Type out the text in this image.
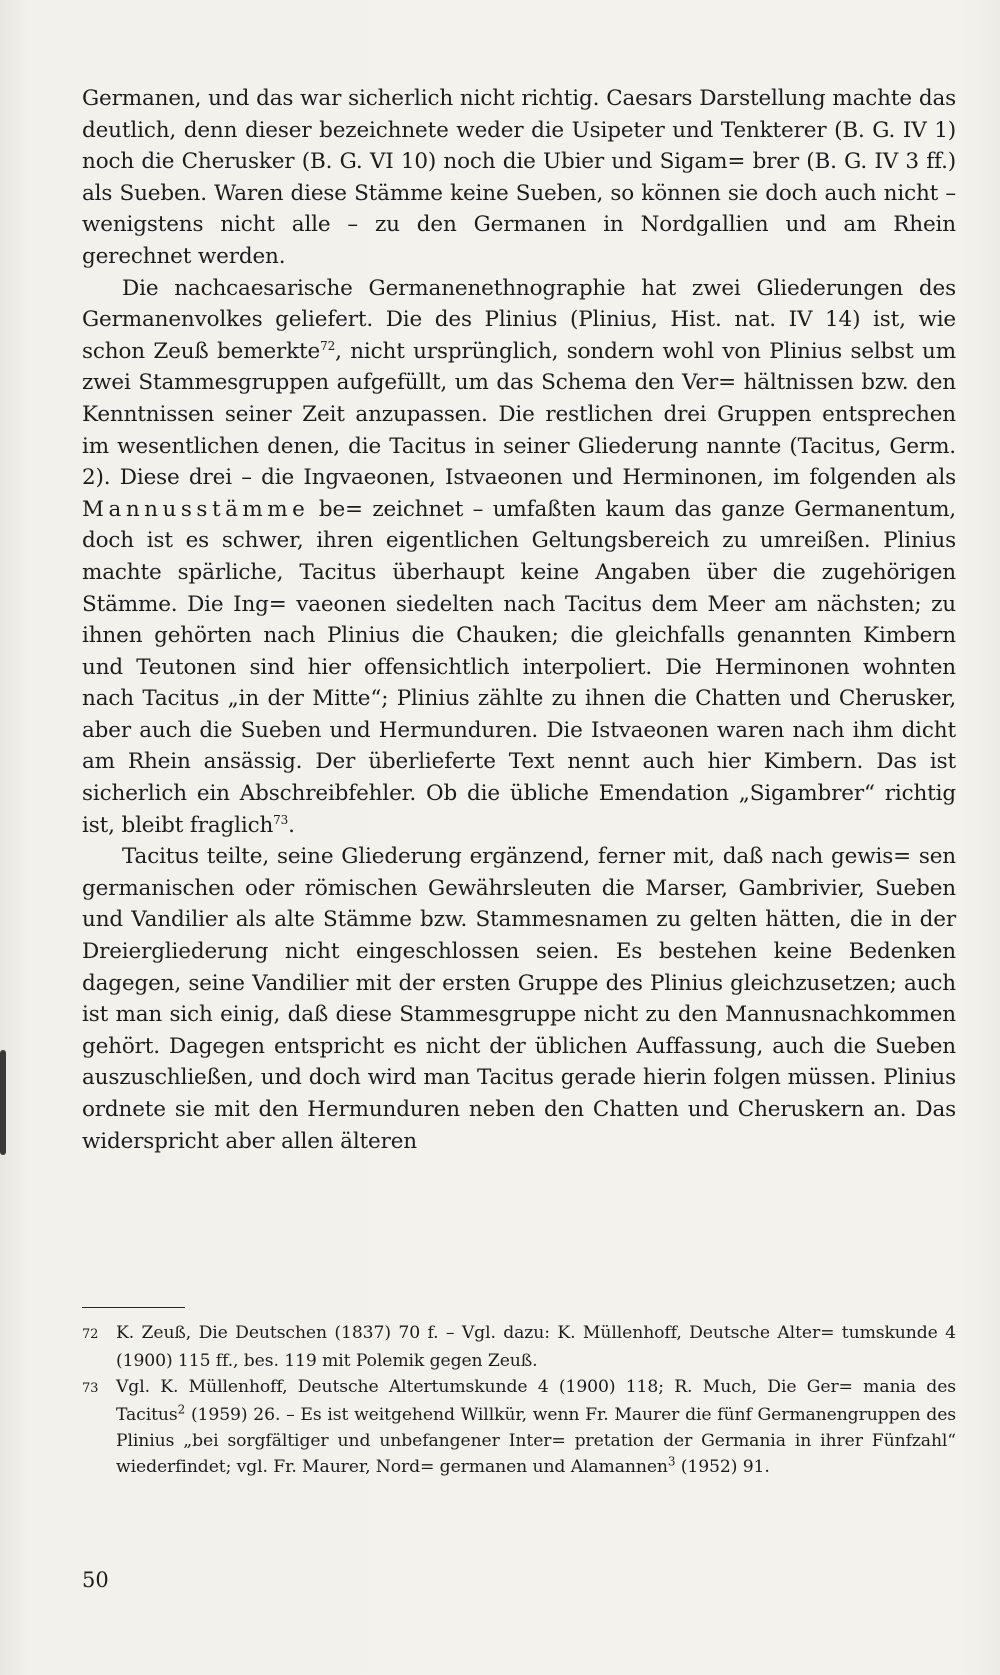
Germanen, und das war sicherlich nicht richtig. Caesars Darstellung machte das deutlich, denn dieser bezeichnete weder die Usipeter und Tenkterer (B. G. IV 1) noch die Cherusker (B. G. VI 10) noch die Ubier und Sigam= brer (B. G. IV 3 ff.) als Sueben. Waren diese Stämme keine Sueben, so können sie doch auch nicht – wenigstens nicht alle – zu den Germanen in Nordgallien und am Rhein gerechnet werden.

Die nachcaesarische Germanenethnographie hat zwei Gliederungen des Germanenvolkes geliefert. Die des Plinius (Plinius, Hist. nat. IV 14) ist, wie schon Zeuß bemerkte$^{72}$, nicht ursprünglich, sondern wohl von Plinius selbst um zwei Stammesgruppen aufgefüllt, um das Schema den Ver= hältnissen bzw. den Kenntnissen seiner Zeit anzupassen. Die restlichen drei Gruppen entsprechen im wesentlichen denen, die Tacitus in seiner Gliederung nannte (Tacitus, Germ. 2). Diese drei – die Ingvaeonen, Istvaeonen und Herminonen, im folgenden als Mannusstämme be= zeichnet – umfaßten kaum das ganze Germanentum, doch ist es schwer, ihren eigentlichen Geltungsbereich zu umreißen. Plinius machte spärliche, Tacitus überhaupt keine Angaben über die zugehörigen Stämme. Die Ing= vaeonen siedelten nach Tacitus dem Meer am nächsten; zu ihnen gehörten nach Plinius die Chauken; die gleichfalls genannten Kimbern und Teutonen sind hier offensichtlich interpoliert. Die Herminonen wohnten nach Tacitus „in der Mitte“; Plinius zählte zu ihnen die Chatten und Cherusker, aber auch die Sueben und Hermunduren. Die Istvaeonen waren nach ihm dicht am Rhein ansässig. Der überlieferte Text nennt auch hier Kimbern. Das ist sicherlich ein Abschreibfehler. Ob die übliche Emendation „Sigambrer“ richtig ist, bleibt fraglich$^{73}$.

Tacitus teilte, seine Gliederung ergänzend, ferner mit, daß nach gewis= sen germanischen oder römischen Gewährsleuten die Marser, Gambrivier, Sueben und Vandilier als alte Stämme bzw. Stammesnamen zu gelten hätten, die in der Dreiergliederung nicht eingeschlossen seien. Es bestehen keine Bedenken dagegen, seine Vandilier mit der ersten Gruppe des Plinius gleichzusetzen; auch ist man sich einig, daß diese Stammesgruppe nicht zu den Mannusnachkommen gehört. Dagegen entspricht es nicht der üblichen Auffassung, auch die Sueben auszuschließen, und doch wird man Tacitus gerade hierin folgen müssen. Plinius ordnete sie mit den Hermunduren neben den Chatten und Cheruskern an. Das widerspricht aber allen älteren

72 K. Zeuß, Die Deutschen (1837) 70 f. – Vgl. dazu: K. Müllenhoff, Deutsche Alter= tumskunde 4 (1900) 115 ff., bes. 119 mit Polemik gegen Zeuß.

73 Vgl. K. Müllenhoff, Deutsche Altertumskunde 4 (1900) 118; R. Much, Die Ger= mania des Tacitus$^2$ (1959) 26. – Es ist weitgehend Willkür, wenn Fr. Maurer die fünf Germanengruppen des Plinius „bei sorgfältiger und unbefangener Inter= pretation der Germania in ihrer Fünfzahl“ wiederfindet; vgl. Fr. Maurer, Nord= germanen und Alamannen$^3$ (1952) 91.

50
